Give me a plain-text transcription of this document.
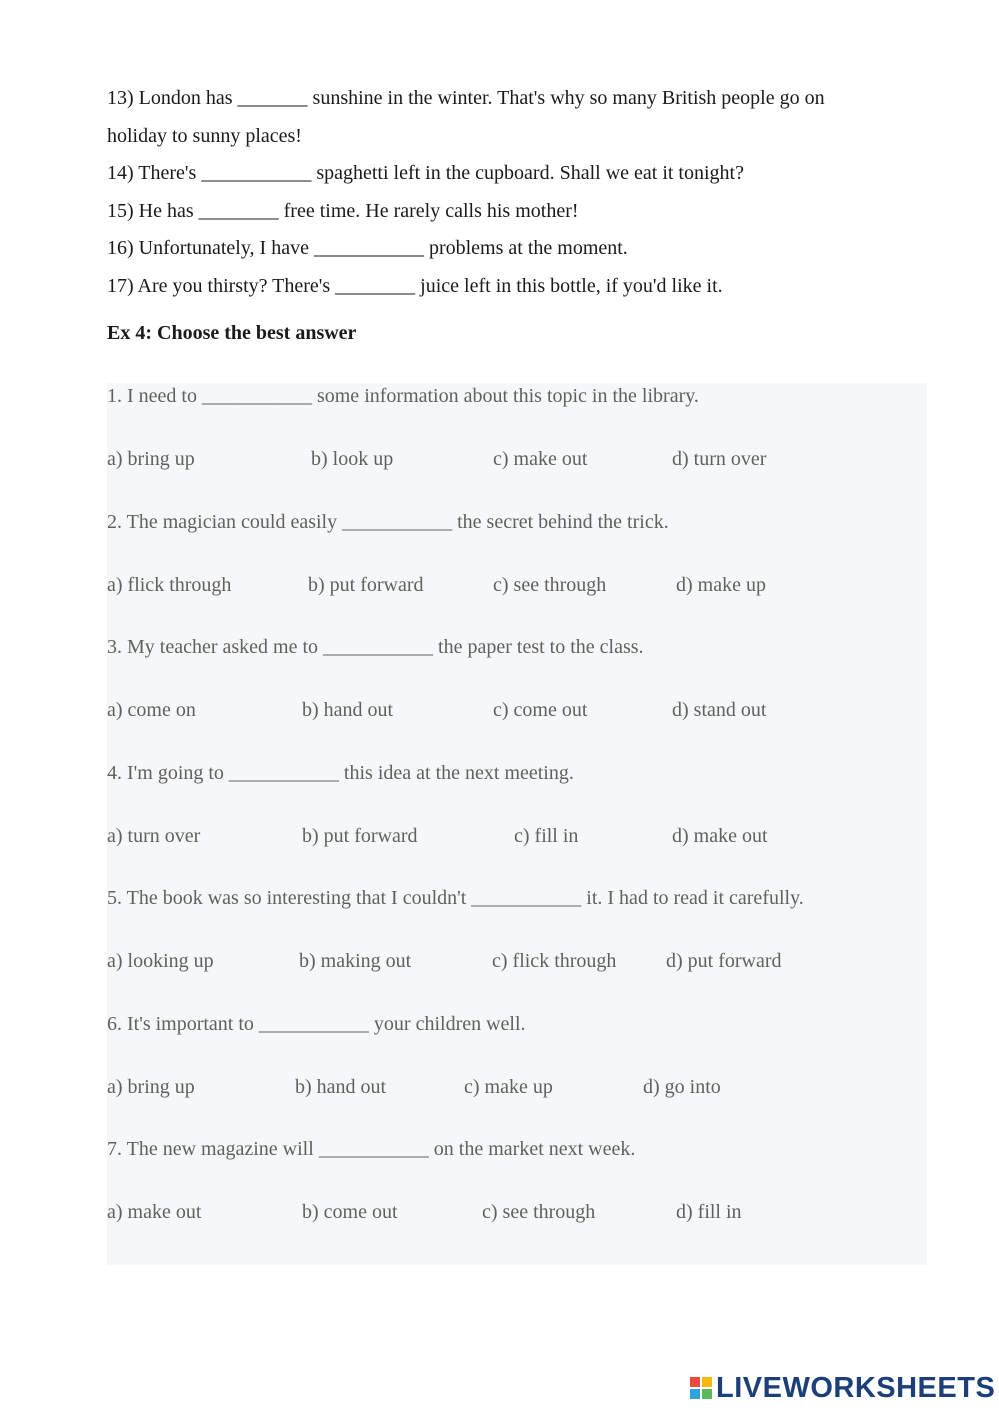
13) London has _______ sunshine in the winter. That's why so many British people go on
holiday to sunny places!
14) There's ___________ spaghetti left in the cupboard. Shall we eat it tonight?
15) He has ________ free time. He rarely calls his mother!
16) Unfortunately, I have ___________ problems at the moment.
17) Are you thirsty? There's ________ juice left in this bottle, if you'd like it.
Ex 4: Choose the best answer
1. I need to ___________ some information about this topic in the library.
a) bring up	b) look up	c) make out	d) turn over
2. The magician could easily ___________ the secret behind the trick.
a) flick through	b) put forward	c) see through	d) make up
3. My teacher asked me to ___________ the paper test to the class.
a) come on	b) hand out	c) come out	d) stand out
4. I'm going to ___________ this idea at the next meeting.
a) turn over	b) put forward	c) fill in	d) make out
5. The book was so interesting that I couldn't ___________ it. I had to read it carefully.
a) looking up	b) making out	c) flick through d) put forward
6. It's important to ___________ your children well.
a) bring up	b) hand out	c) make up	d) go into
7. The new magazine will ___________ on the market next week.
a) make out	b) come out	c) see through	d) fill in
LIVEWORKSHEETS
